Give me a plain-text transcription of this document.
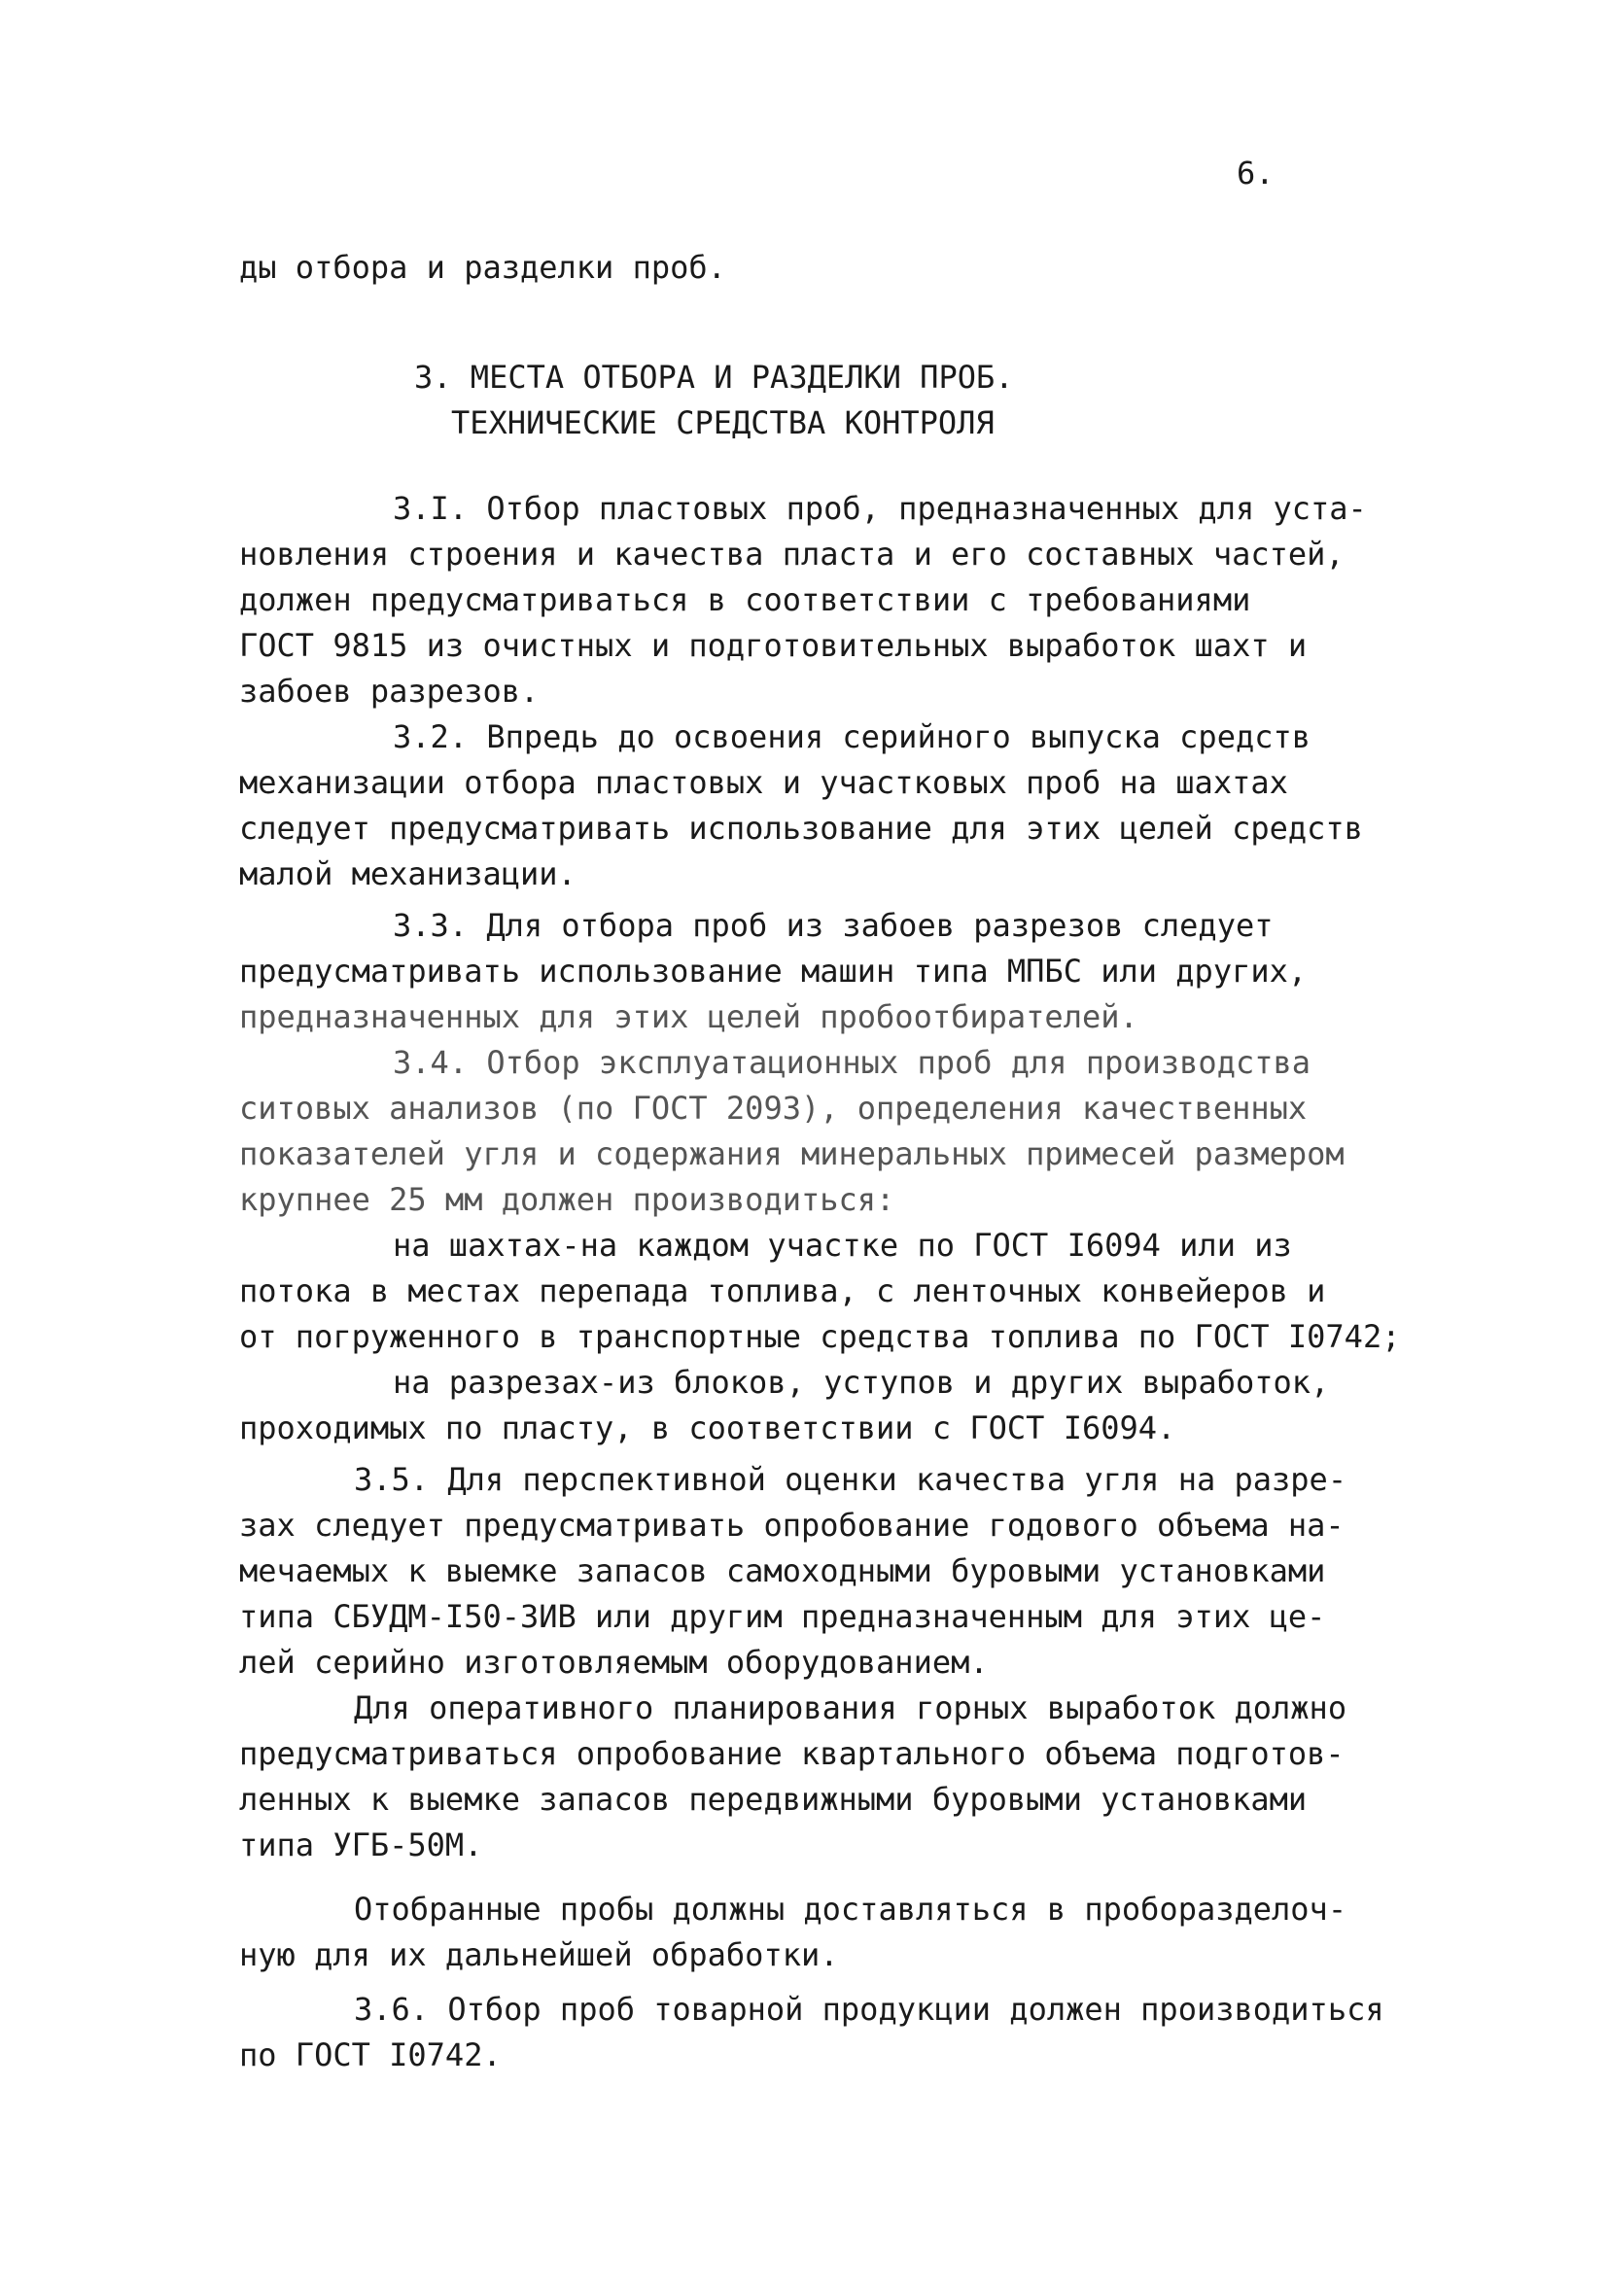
6.
ды отбора и разделки проб.
3. МЕСТА ОТБОРА И РАЗДЕЛКИ ПРОБ.
ТЕХНИЧЕСКИЕ СРЕДСТВА КОНТРОЛЯ
3.I. Отбор пластовых проб, предназначенных для уста-
новления строения и качества пласта и его составных частей,
должен предусматриваться в соответствии с требованиями
ГОСТ 9815 из очистных и подготовительных выработок шахт и
забоев разрезов.
3.2. Впредь до освоения серийного выпуска средств
механизации отбора пластовых и участковых проб на шахтах
следует предусматривать использование для этих целей средств
малой механизации.
3.3. Для отбора проб из забоев разрезов следует
предусматривать использование машин типа МПБС или других,
предназначенных для этих целей пробоотбирателей.
3.4. Отбор эксплуатационных проб для производства
ситовых анализов (по ГОСТ 2093), определения качественных
показателей угля и содержания минеральных примесей размером
крупнее 25 мм должен производиться:
на шахтах-на каждом участке по ГОСТ I6094 или из
потока в местах перепада топлива, с ленточных конвейеров и
от погруженного в транспортные средства топлива по ГОСТ I0742;
на разрезах-из блоков, уступов и других выработок,
проходимых по пласту, в соответствии с ГОСТ I6094.
3.5. Для перспективной оценки качества угля на разре-
зах следует предусматривать опробование годового объема на-
мечаемых к выемке запасов самоходными буровыми установками
типа СБУДМ-I50-ЗИВ или другим предназначенным для этих це-
лей серийно изготовляемым оборудованием.
Для оперативного планирования горных выработок должно
предусматриваться опробование квартального объема подготов-
ленных к выемке запасов передвижными буровыми установками
типа УГБ-50М.
Отобранные пробы должны доставляться в проборазделоч-
ную для их дальнейшей обработки.
3.6. Отбор проб товарной продукции должен производиться
по ГОСТ I0742.
